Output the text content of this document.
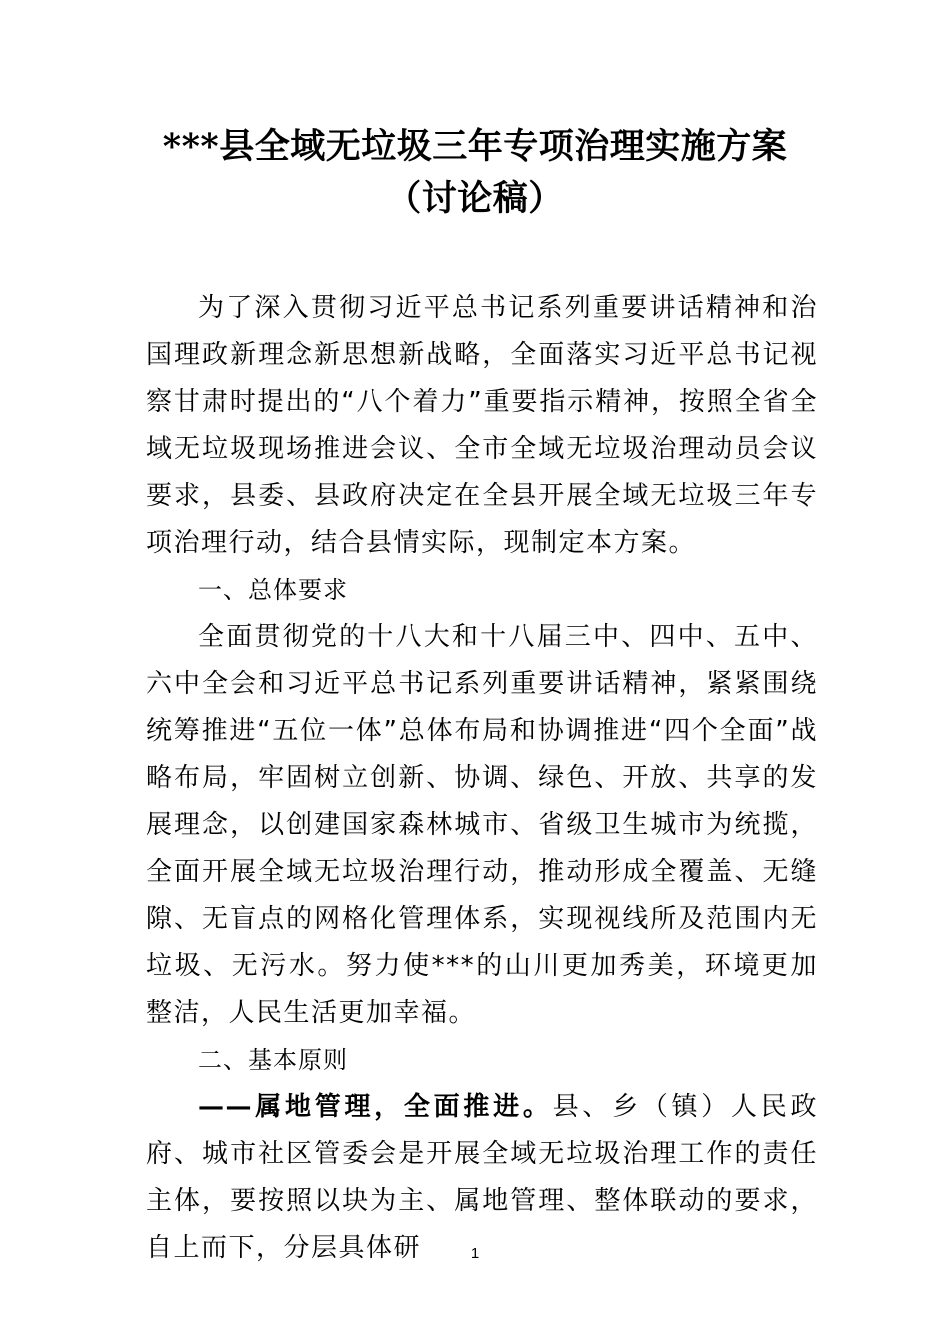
***县全域无垃圾三年专项治理实施方案
（讨论稿）

为了深入贯彻习近平总书记系列重要讲话精神和治国理政新理念新思想新战略，全面落实习近平总书记视察甘肃时提出的“八个着力”重要指示精神，按照全省全域无垃圾现场推进会议、全市全域无垃圾治理动员会议要求，县委、县政府决定在全县开展全域无垃圾三年专项治理行动，结合县情实际，现制定本方案。

一、总体要求

全面贯彻党的十八大和十八届三中、四中、五中、六中全会和习近平总书记系列重要讲话精神，紧紧围绕统筹推进“五位一体”总体布局和协调推进“四个全面”战略布局，牢固树立创新、协调、绿色、开放、共享的发展理念，以创建国家森林城市、省级卫生城市为统揽，全面开展全域无垃圾治理行动，推动形成全覆盖、无缝隙、无盲点的网格化管理体系，实现视线所及范围内无垃圾、无污水。努力使***的山川更加秀美，环境更加整洁，人民生活更加幸福。

二、基本原则

——属地管理，全面推进。县、乡（镇）人民政府、城市社区管委会是开展全域无垃圾治理工作的责任主体，要按照以块为主、属地管理、整体联动的要求，自上而下，分层具体研	1
